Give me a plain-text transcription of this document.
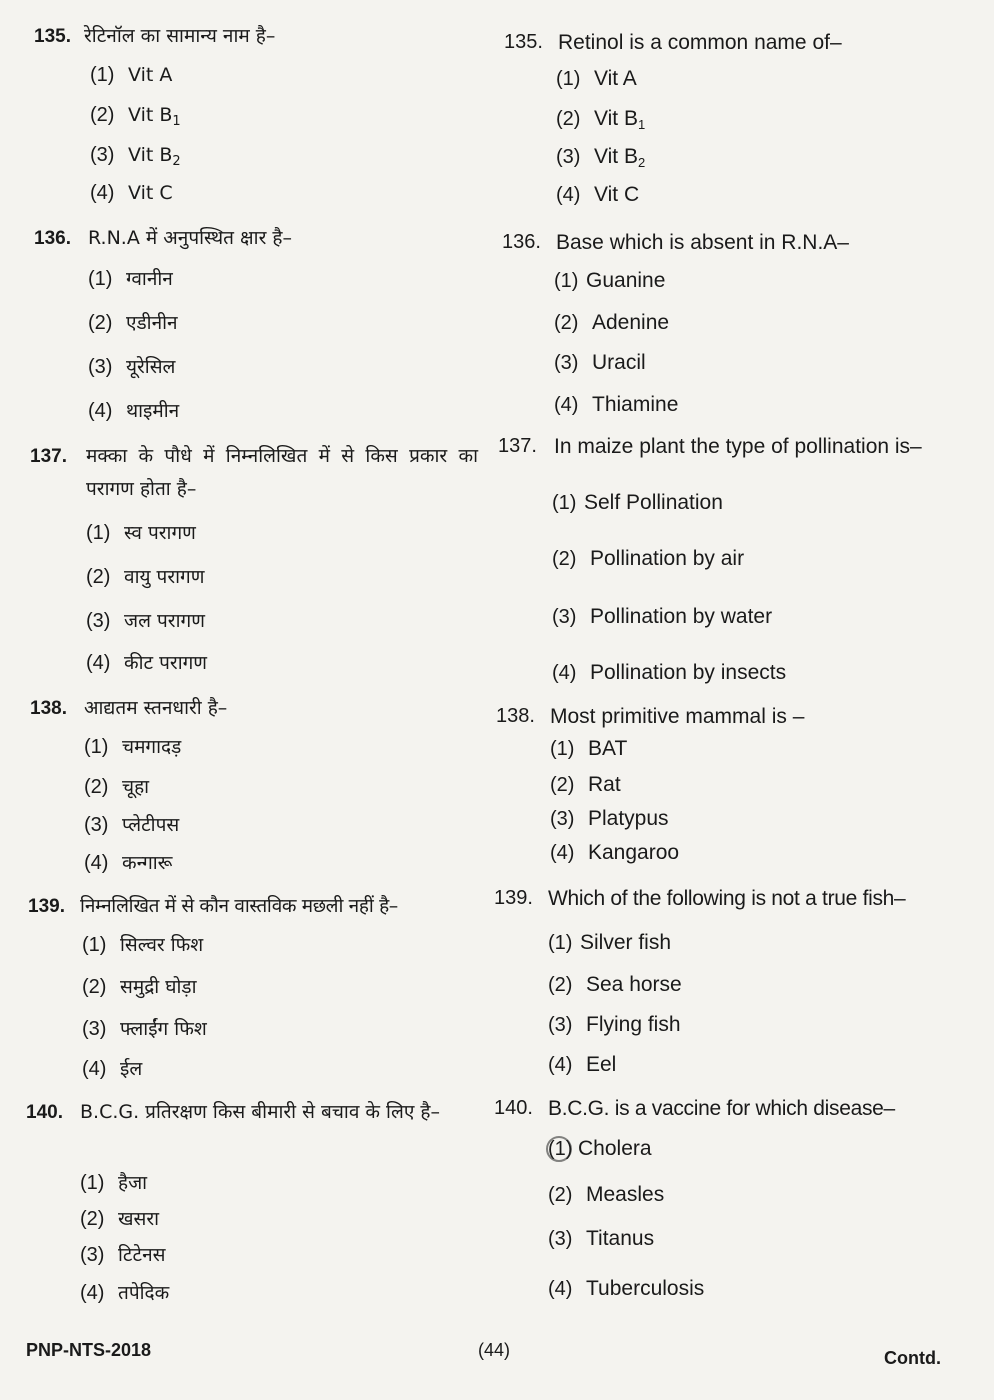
135. रेटिनॉल का सामान्य नाम है–
(1) Vit A
(2) Vit $B_1$
(3) Vit $B_2$
(4) Vit C
136. R.N.A में अनुपस्थित क्षार है–
(1) ग्वानीन
(2) एडीनीन
(3) यूरेसिल
(4) थाइमीन
137. मक्का के पौधे में निम्नलिखित में से किस प्रकार का परागण होता है–
(1) स्व परागण
(2) वायु परागण
(3) जल परागण
(4) कीट परागण
138. आद्यतम स्तनधारी है–
(1) चमगादड़
(2) चूहा
(3) प्लेटीपस
(4) कन्गारू
139. निम्नलिखित में से कौन वास्तविक मछली नहीं है–
(1) सिल्वर फिश
(2) समुद्री घोड़ा
(3) फ्लाईंग फिश
(4) ईल
140. B.C.G. प्रतिरक्षण किस बीमारी से बचाव के लिए है–
(1) हैजा
(2) खसरा
(3) टिटेनस
(4) तपेदिक
135. Retinol is a common name of–
(1) Vit A
(2) Vit $B_1$
(3) Vit $B_2$
(4) Vit C
136. Base which is absent in R.N.A–
(1) Guanine
(2) Adenine
(3) Uracil
(4) Thiamine
137. In maize plant the type of pollination is–
(1) Self Pollination
(2) Pollination by air
(3) Pollination by water
(4) Pollination by insects
138. Most primitive mammal is –
(1) BAT
(2) Rat
(3) Platypus
(4) Kangaroo
139. Which of the following is not a true fish–
(1) Silver fish
(2) Sea horse
(3) Flying fish
(4) Eel
140. B.C.G. is a vaccine for which disease–
(1) Cholera
(2) Measles
(3) Titanus
(4) Tuberculosis
PNP-NTS-2018	(44)	Contd.
